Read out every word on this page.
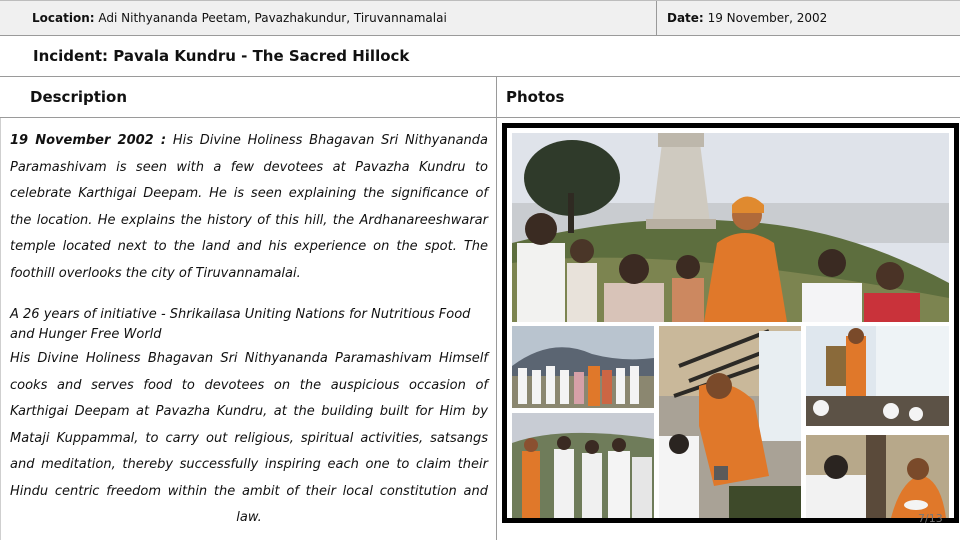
Location: Adi Nithyananda Peetam, Pavazhakundur, Tiruvannamalai	Date: 19 November, 2002
Incident: Pavala Kundru - The Sacred Hillock
Description	Photos

19 November 2002 : His Divine Holiness Bhagavan Sri Nithyananda Paramashivam is seen with a few devotees at Pavazha Kundru to celebrate Karthigai Deepam. He is seen explaining the significance of the location. He explains the history of this hill, the Ardhanareeshwarar temple located next to the land and his experience on the spot. The foothill overlooks the city of Tiruvannamalai.

A 26 years of initiative - Shrikailasa Uniting Nations for Nutritious Food and Hunger Free World

His Divine Holiness Bhagavan Sri Nithyananda Paramashivam Himself cooks and serves food to devotees on the auspicious occasion of Karthigai Deepam at Pavazha Kundru, at the building built for Him by Mataji Kuppammal, to carry out religious, spiritual activities, satsangs and meditation, thereby successfully inspiring each one to claim their Hindu centric freedom within the ambit of their local constitution and law.	7/13
